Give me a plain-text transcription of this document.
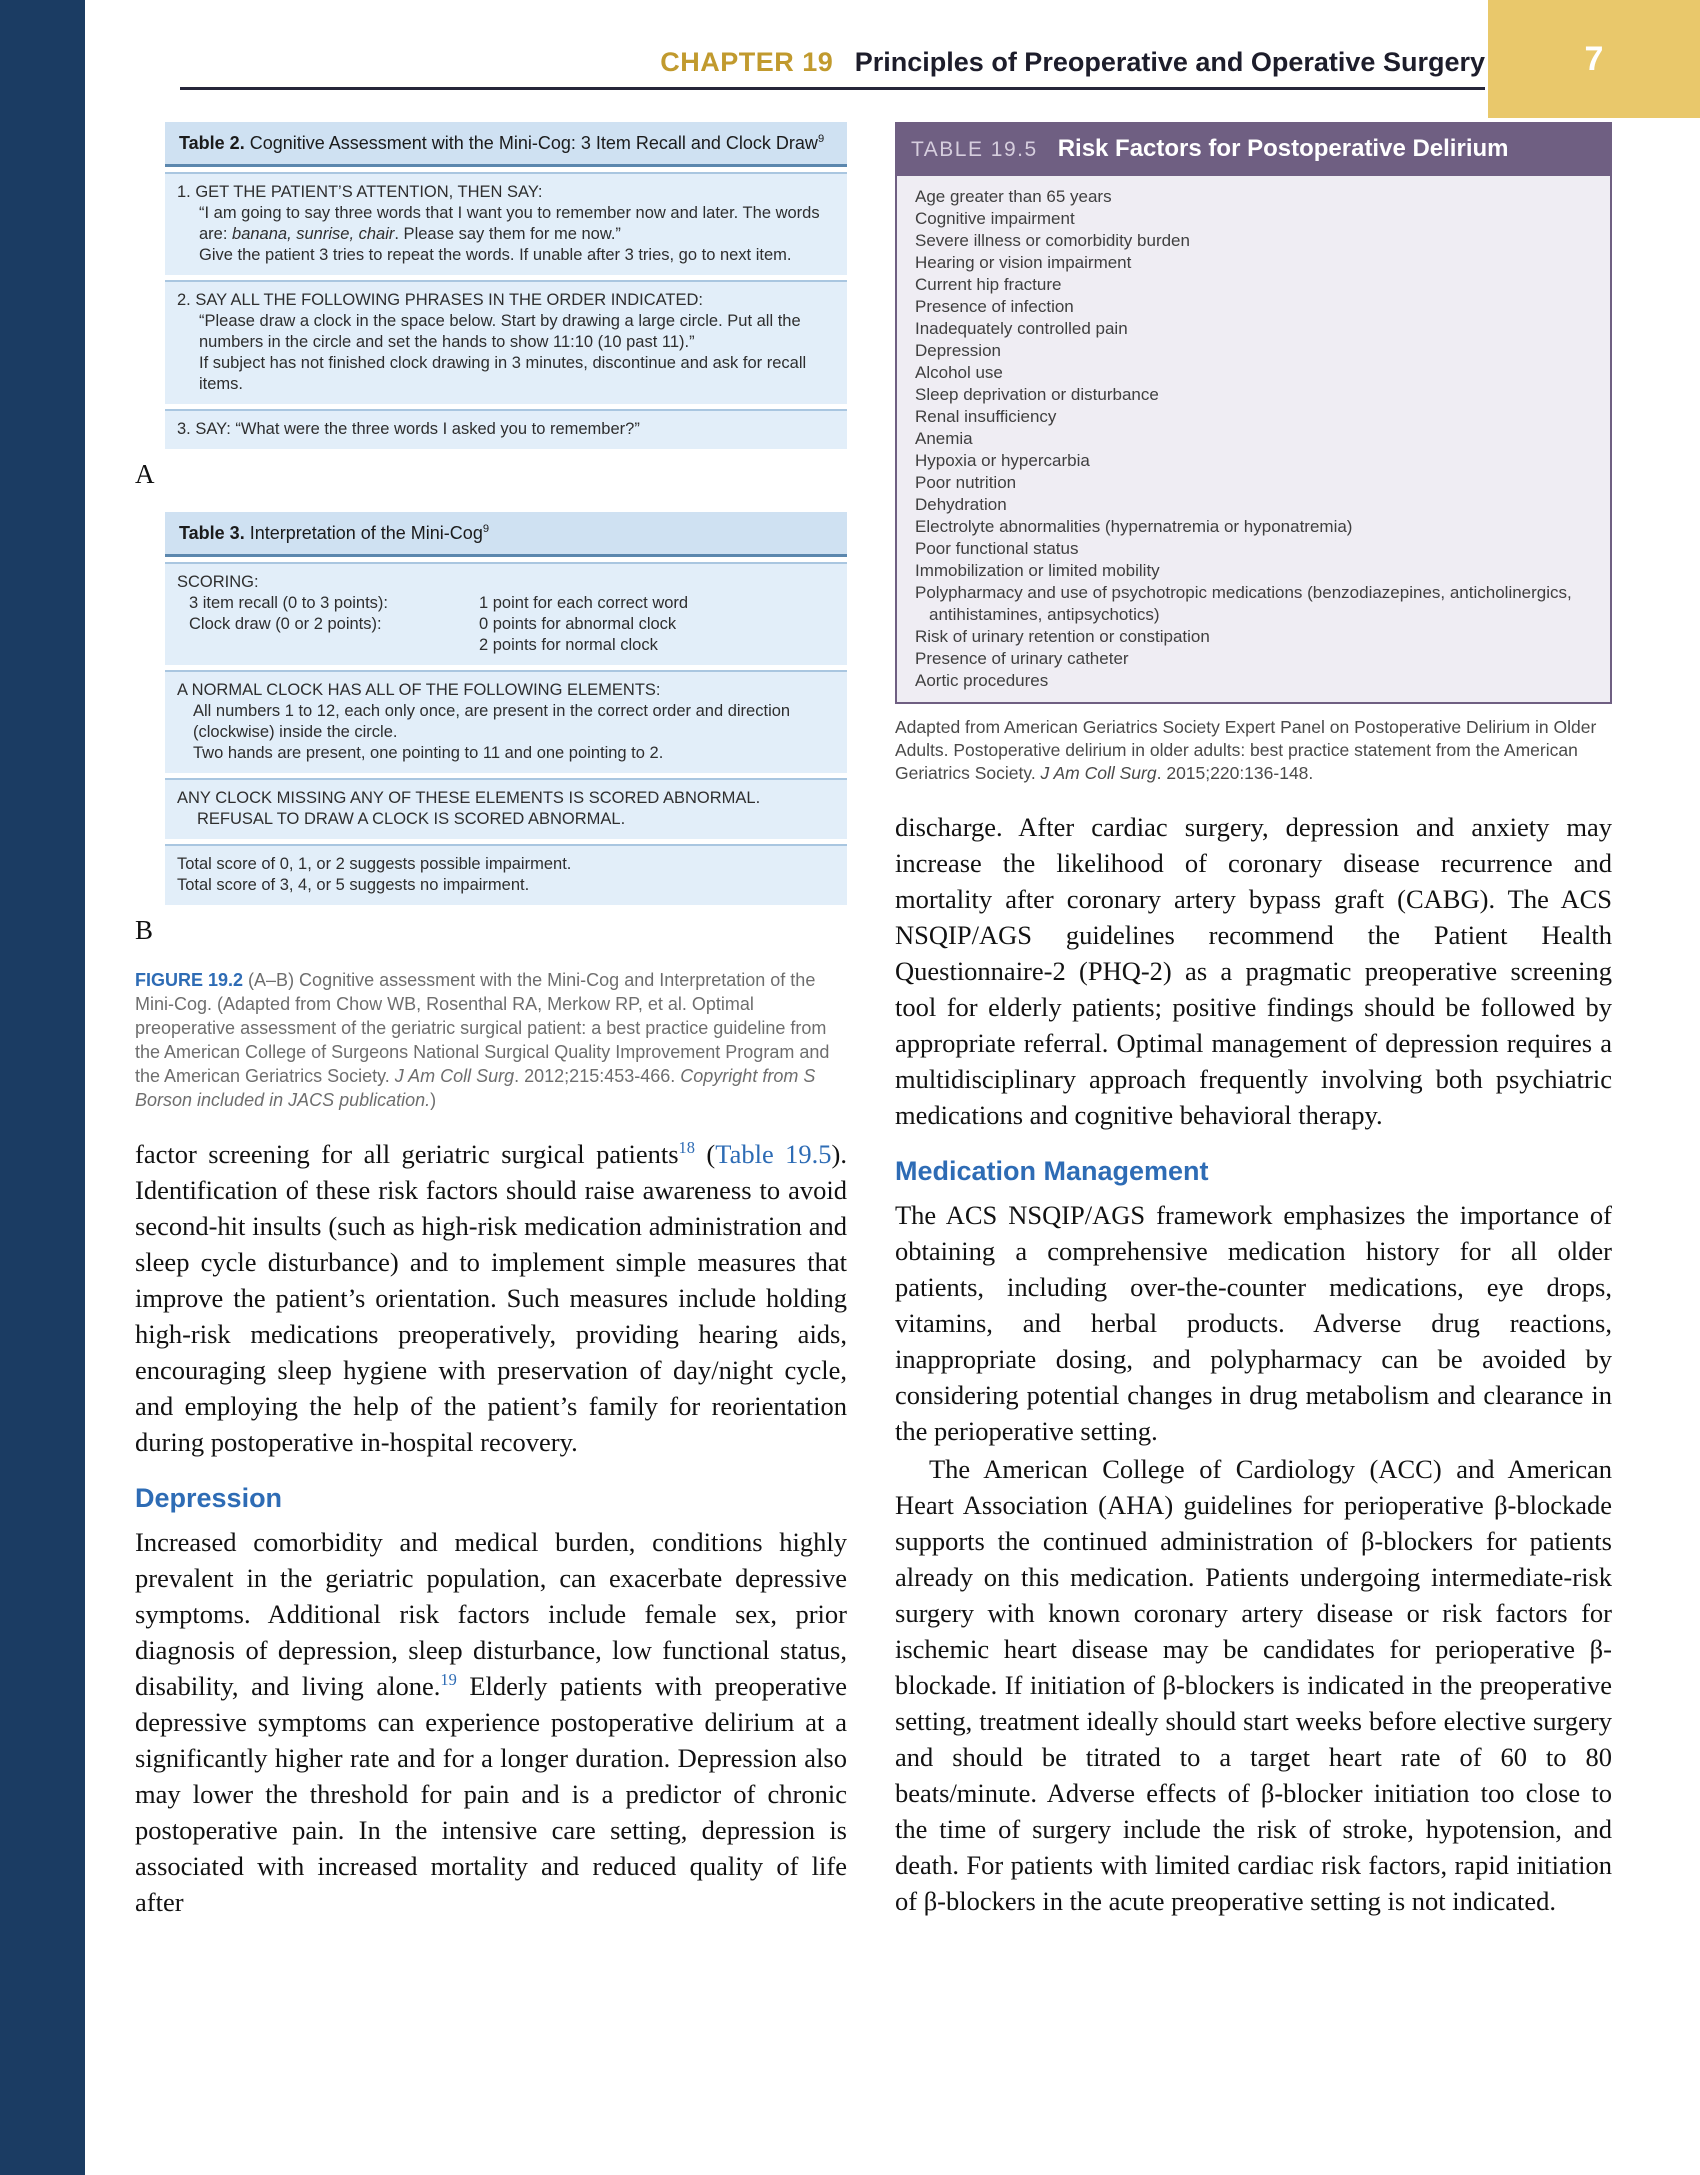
7
CHAPTER 19 Principles of Preoperative and Operative Surgery
Table 2. Cognitive Assessment with the Mini-Cog: 3 Item Recall and Clock Draw$^9$
1. GET THE PATIENT’S ATTENTION, THEN SAY:
“I am going to say three words that I want you to remember now and later. The words are: banana, sunrise, chair. Please say them for me now.”
Give the patient 3 tries to repeat the words. If unable after 3 tries, go to next item.
2. SAY ALL THE FOLLOWING PHRASES IN THE ORDER INDICATED:
“Please draw a clock in the space below. Start by drawing a large circle. Put all the numbers in the circle and set the hands to show 11:10 (10 past 11).”
If subject has not finished clock drawing in 3 minutes, discontinue and ask for recall items.
3. SAY: “What were the three words I asked you to remember?”
A
Table 3. Interpretation of the Mini-Cog$^9$
SCORING:
3 item recall (0 to 3 points):	1 point for each correct word
Clock draw (0 or 2 points):	0 points for abnormal clock
2 points for normal clock
A NORMAL CLOCK HAS ALL OF THE FOLLOWING ELEMENTS:
All numbers 1 to 12, each only once, are present in the correct order and direction (clockwise) inside the circle.
Two hands are present, one pointing to 11 and one pointing to 2.
ANY CLOCK MISSING ANY OF THESE ELEMENTS IS SCORED ABNORMAL. REFUSAL TO DRAW A CLOCK IS SCORED ABNORMAL.
Total score of 0, 1, or 2 suggests possible impairment.
Total score of 3, 4, or 5 suggests no impairment.
B

FIGURE 19.2 (A–B) Cognitive assessment with the Mini-Cog and Interpretation of the Mini-Cog. (Adapted from Chow WB, Rosenthal RA, Merkow RP, et al. Optimal preoperative assessment of the geriatric surgical patient: a best practice guideline from the American College of Surgeons National Surgical Quality Improvement Program and the American Geriatrics Society. J Am Coll Surg. 2012;215:453-466. Copyright from S Borson included in JACS publication.)

factor screening for all geriatric surgical patients$^{18}$ (Table 19.5). Identification of these risk factors should raise awareness to avoid second-hit insults (such as high-risk medication administration and sleep cycle disturbance) and to implement simple measures that improve the patient’s orientation. Such measures include holding high-risk medications preoperatively, providing hearing aids, encouraging sleep hygiene with preservation of day/night cycle, and employing the help of the patient’s family for reorientation during postoperative in-hospital recovery.

Depression

Increased comorbidity and medical burden, conditions highly prevalent in the geriatric population, can exacerbate depressive symptoms. Additional risk factors include female sex, prior diagnosis of depression, sleep disturbance, low functional status, disability, and living alone.$^{19}$ Elderly patients with preoperative depressive symptoms can experience postoperative delirium at a significantly higher rate and for a longer duration. Depression also may lower the threshold for pain and is a predictor of chronic postoperative pain. In the intensive care setting, depression is associated with increased mortality and reduced quality of life after

TABLE 19.5 Risk Factors for Postoperative Delirium
Age greater than 65 years
Cognitive impairment
Severe illness or comorbidity burden
Hearing or vision impairment
Current hip fracture
Presence of infection
Inadequately controlled pain
Depression
Alcohol use
Sleep deprivation or disturbance
Renal insufficiency
Anemia
Hypoxia or hypercarbia
Poor nutrition
Dehydration
Electrolyte abnormalities (hypernatremia or hyponatremia)
Poor functional status
Immobilization or limited mobility
Polypharmacy and use of psychotropic medications (benzodiazepines, anticholinergics, antihistamines, antipsychotics)
Risk of urinary retention or constipation
Presence of urinary catheter
Aortic procedures

Adapted from American Geriatrics Society Expert Panel on Postoperative Delirium in Older Adults. Postoperative delirium in older adults: best practice statement from the American Geriatrics Society. J Am Coll Surg. 2015;220:136-148.

discharge. After cardiac surgery, depression and anxiety may increase the likelihood of coronary disease recurrence and mortality after coronary artery bypass graft (CABG). The ACS NSQIP/AGS guidelines recommend the Patient Health Questionnaire-2 (PHQ-2) as a pragmatic preoperative screening tool for elderly patients; positive findings should be followed by appropriate referral. Optimal management of depression requires a multidisciplinary approach frequently involving both psychiatric medications and cognitive behavioral therapy.

Medication Management

The ACS NSQIP/AGS framework emphasizes the importance of obtaining a comprehensive medication history for all older patients, including over-the-counter medications, eye drops, vitamins, and herbal products. Adverse drug reactions, inappropriate dosing, and polypharmacy can be avoided by considering potential changes in drug metabolism and clearance in the perioperative setting.

The American College of Cardiology (ACC) and American Heart Association (AHA) guidelines for perioperative β-blockade supports the continued administration of β-blockers for patients already on this medication. Patients undergoing intermediate-risk surgery with known coronary artery disease or risk factors for ischemic heart disease may be candidates for perioperative β-blockade. If initiation of β-blockers is indicated in the preoperative setting, treatment ideally should start weeks before elective surgery and should be titrated to a target heart rate of 60 to 80 beats/minute. Adverse effects of β-blocker initiation too close to the time of surgery include the risk of stroke, hypotension, and death. For patients with limited cardiac risk factors, rapid initiation of β-blockers in the acute preoperative setting is not indicated.
